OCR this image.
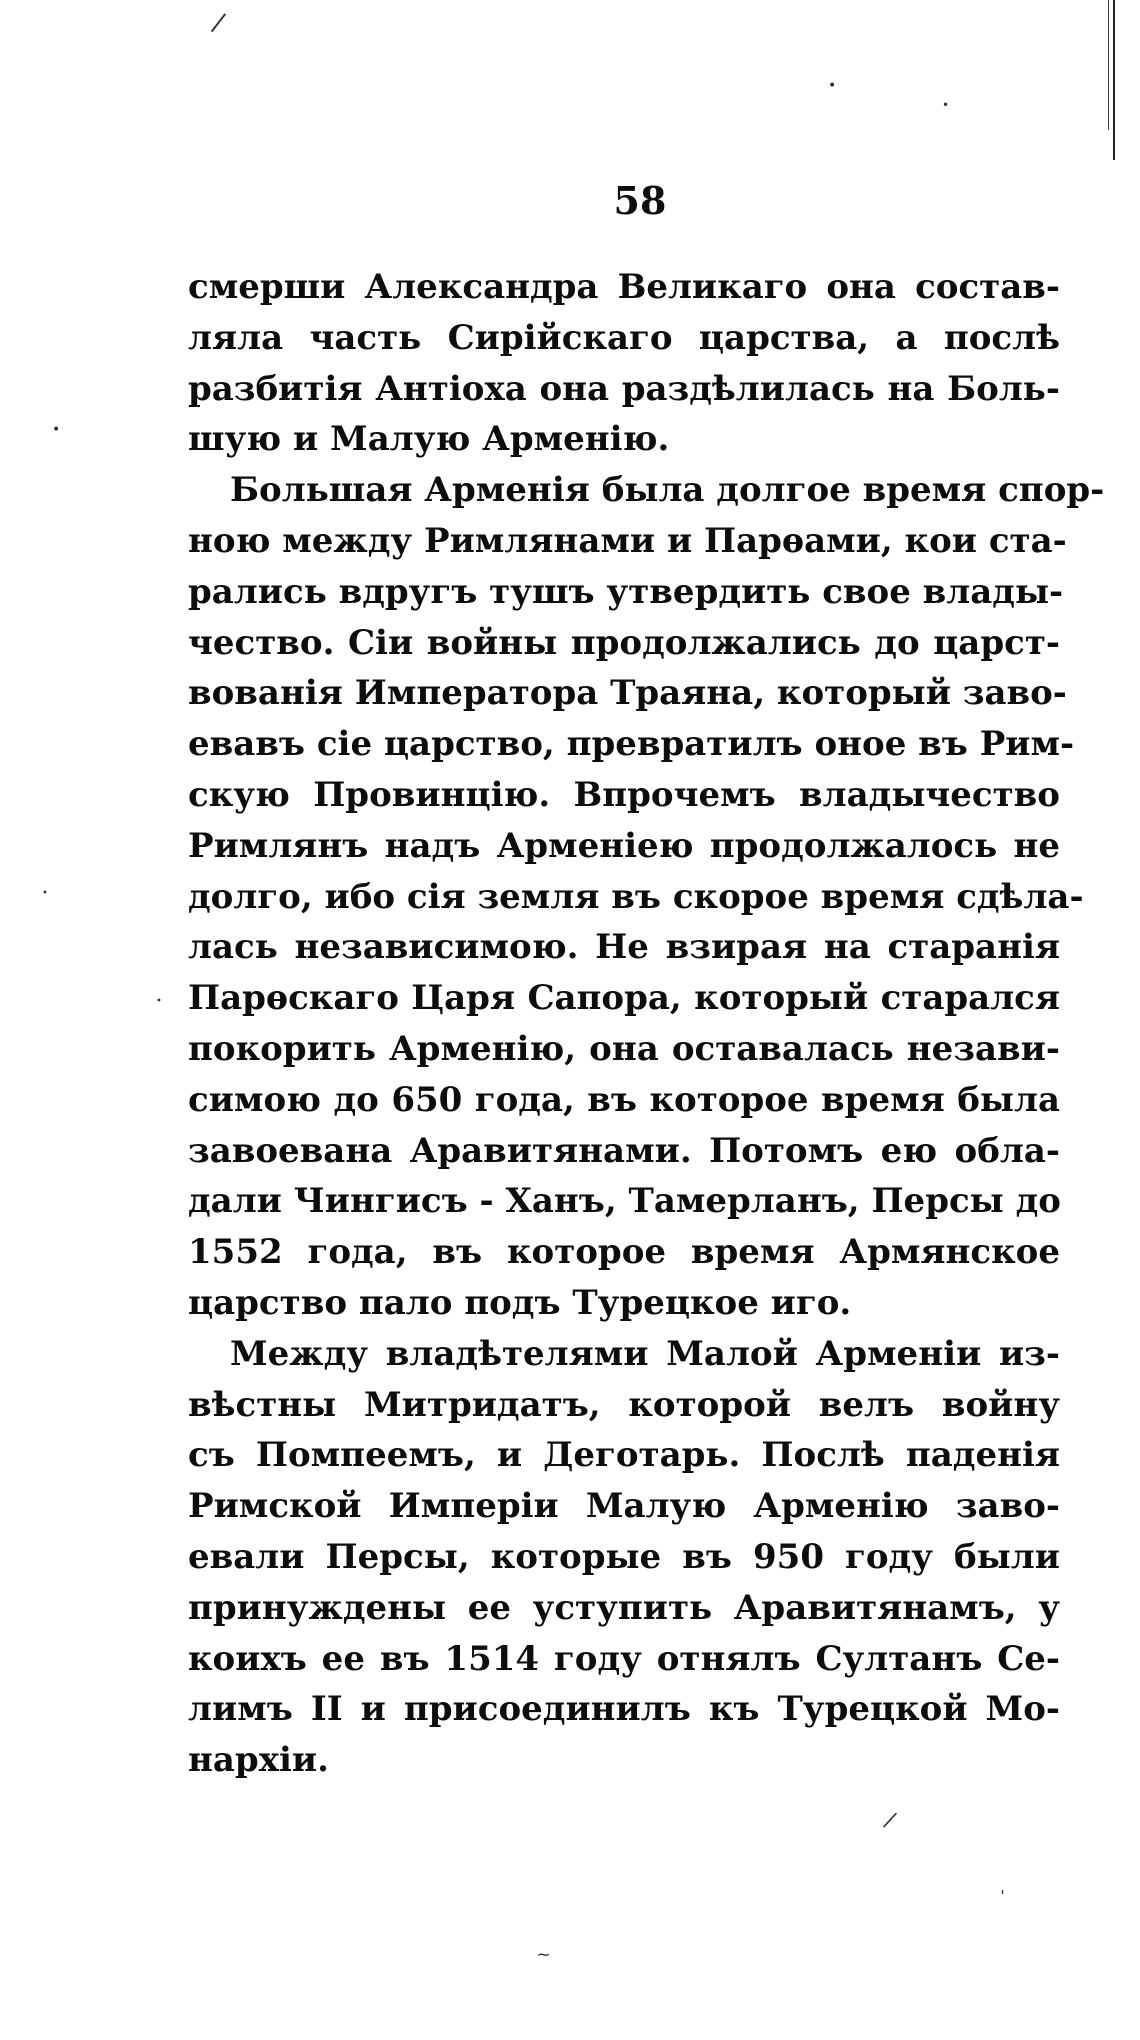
/
•
•
•
•
•
/
ˌ
~
58
смерши Александра Великаго она состав-
ляла часть Сирійскаго царства, а послѣ
разбитія Антіоха она раздѣлилась на Боль-
шую и Малую Арменію.
Большая Арменія была долгое время спор-
ною между Римлянами и Парѳами, кои ста-
рались вдругъ тушъ утвердить свое влады-
чество. Сіи войны продолжались до царст-
вованія Императора Траяна, который заво-
евавъ сіе царство, превратилъ оное въ Рим-
скую Провинцію. Впрочемъ владычество
Римлянъ надъ Арменіею продолжалось не
долго, ибо сія земля въ скорое время сдѣла-
лась независимою. Не взирая на старанія
Парѳскаго Царя Сапора, который старался
покорить Арменію, она оставалась незави-
симою до 650 года, въ которое время была
завоевана Аравитянами. Потомъ ею обла-
дали Чингисъ - Ханъ, Тамерланъ, Персы до
1552 года, въ которое время Армянское
царство пало подъ Турецкое иго.
Между владѣтелями Малой Арменіи из-
вѣстны Митридатъ, которой велъ войну
съ Помпеемъ, и Деготарь. Послѣ паденія
Римской Имперіи Малую Арменію заво-
евали Персы, которые въ 950 году были
принуждены ее уступить Аравитянамъ, у
коихъ ее въ 1514 году отнялъ Султанъ Се-
лимъ II и присоединилъ къ Турецкой Мо-
нархіи.
